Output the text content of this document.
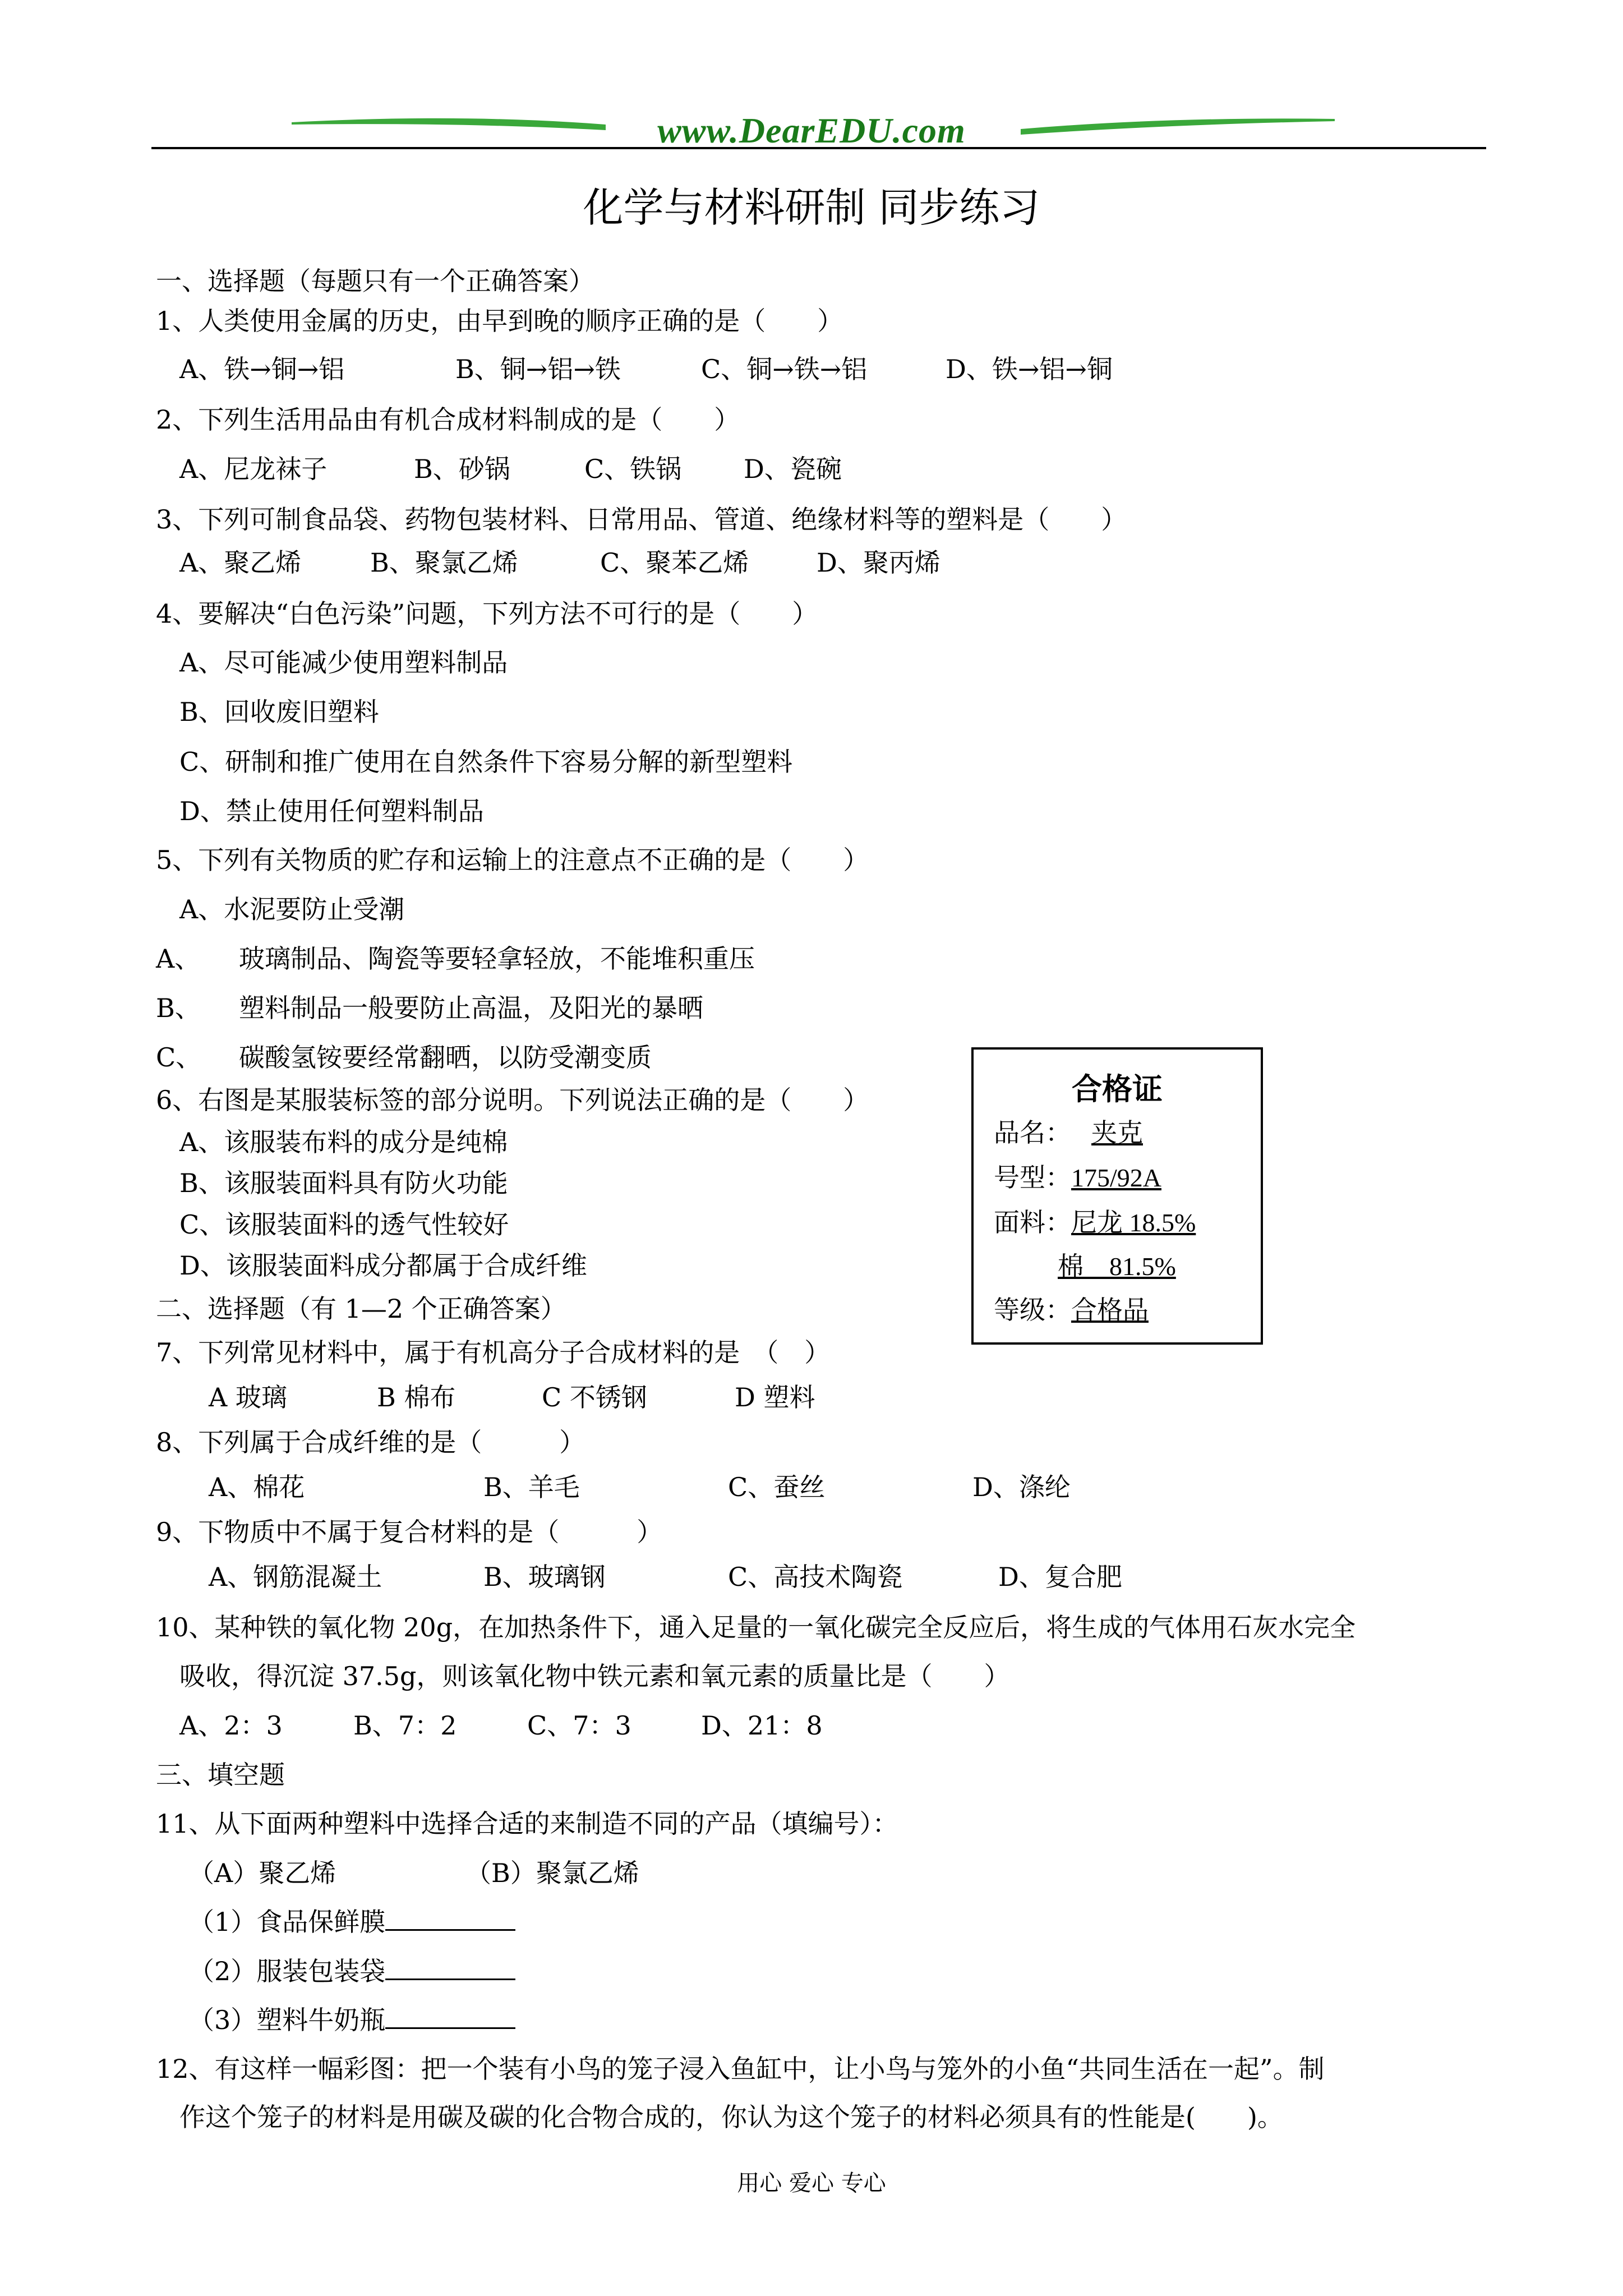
www.DearEDU.com
化学与材料研制 同步练习
一、选择题（每题只有一个正确答案）
1、人类使用金属的历史，由早到晚的顺序正确的是（　　）
A、铁→铜→铝	B、铜→铝→铁	C、铜→铁→铝	D、铁→铝→铜
2、下列生活用品由有机合成材料制成的是（　　）
A、尼龙袜子	B、砂锅	C、铁锅 D、瓷碗
3、下列可制食品袋、药物包装材料、日常用品、管道、绝缘材料等的塑料是（　　）
A、聚乙烯	B、聚氯乙烯	C、聚苯乙烯	D、聚丙烯
4、要解决“白色污染”问题，下列方法不可行的是（　　）
A、尽可能减少使用塑料制品
B、回收废旧塑料
C、研制和推广使用在自然条件下容易分解的新型塑料
D、禁止使用任何塑料制品
5、下列有关物质的贮存和运输上的注意点不正确的是（　　）
A、水泥要防止受潮
A、 玻璃制品、陶瓷等要轻拿轻放，不能堆积重压
B、 塑料制品一般要防止高温，及阳光的暴晒
C、 碳酸氢铵要经常翻晒，以防受潮变质
6、右图是某服装标签的部分说明。下列说法正确的是（　　）
A、该服装布料的成分是纯棉
B、该服装面料具有防火功能
C、该服装面料的透气性较好
D、该服装面料成分都属于合成纤维
合格证
品名： 夹克
号型：175/92A
面料：尼龙 18.5%
棉　81.5%
等级：合格品
二、选择题（有 1—2 个正确答案）
7、下列常见材料中，属于有机高分子合成材料的是　（　）
A 玻璃	B 棉布	C 不锈钢	D 塑料
8、下列属于合成纤维的是（　　　）
A、棉花	B、羊毛	C、蚕丝	D、涤纶
9、下物质中不属于复合材料的是（　　　）
A、钢筋混凝土	B、玻璃钢	C、高技术陶瓷	D、复合肥
10、某种铁的氧化物 20g，在加热条件下，通入足量的一氧化碳完全反应后，将生成的气体用石灰水完全
吸收，得沉淀 37.5g，则该氧化物中铁元素和氧元素的质量比是（　　）
A、2：3	B、7：2	C、7：3	D、21：8
三、填空题
11、从下面两种塑料中选择合适的来制造不同的产品（填编号）：
（A）聚乙烯	（B）聚氯乙烯
（1）食品保鲜膜
（2）服装包装袋
（3）塑料牛奶瓶
12、有这样一幅彩图：把一个装有小鸟的笼子浸入鱼缸中，让小鸟与笼外的小鱼“共同生活在一起”。制
作这个笼子的材料是用碳及碳的化合物合成的，你认为这个笼子的材料必须具有的性能是(　　)。
用心 爱心 专心
